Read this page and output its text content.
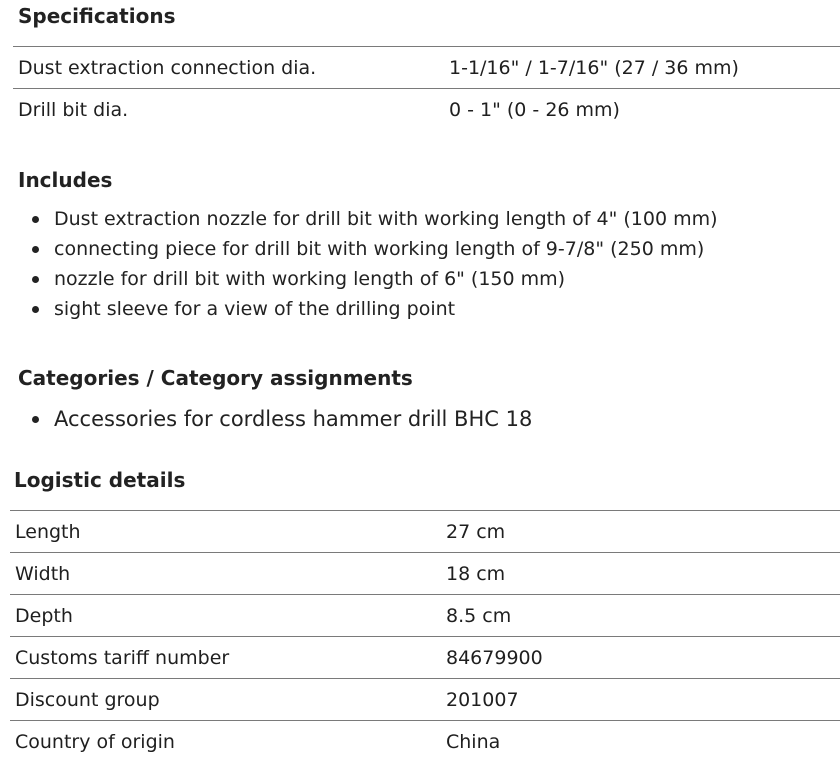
Specifications
Dust extraction connection dia.	1-1/16" / 1-7/16" (27 / 36 mm)
Drill bit dia.	0 - 1" (0 - 26 mm)
Includes
Dust extraction nozzle for drill bit with working length of 4" (100 mm)
connecting piece for drill bit with working length of 9-7/8" (250 mm)
nozzle for drill bit with working length of 6" (150 mm)
sight sleeve for a view of the drilling point
Categories / Category assignments
Accessories for cordless hammer drill BHC 18
Logistic details
Length	27 cm
Width	18 cm
Depth	8.5 cm
Customs tariff number	84679900
Discount group	201007
Country of origin	China
